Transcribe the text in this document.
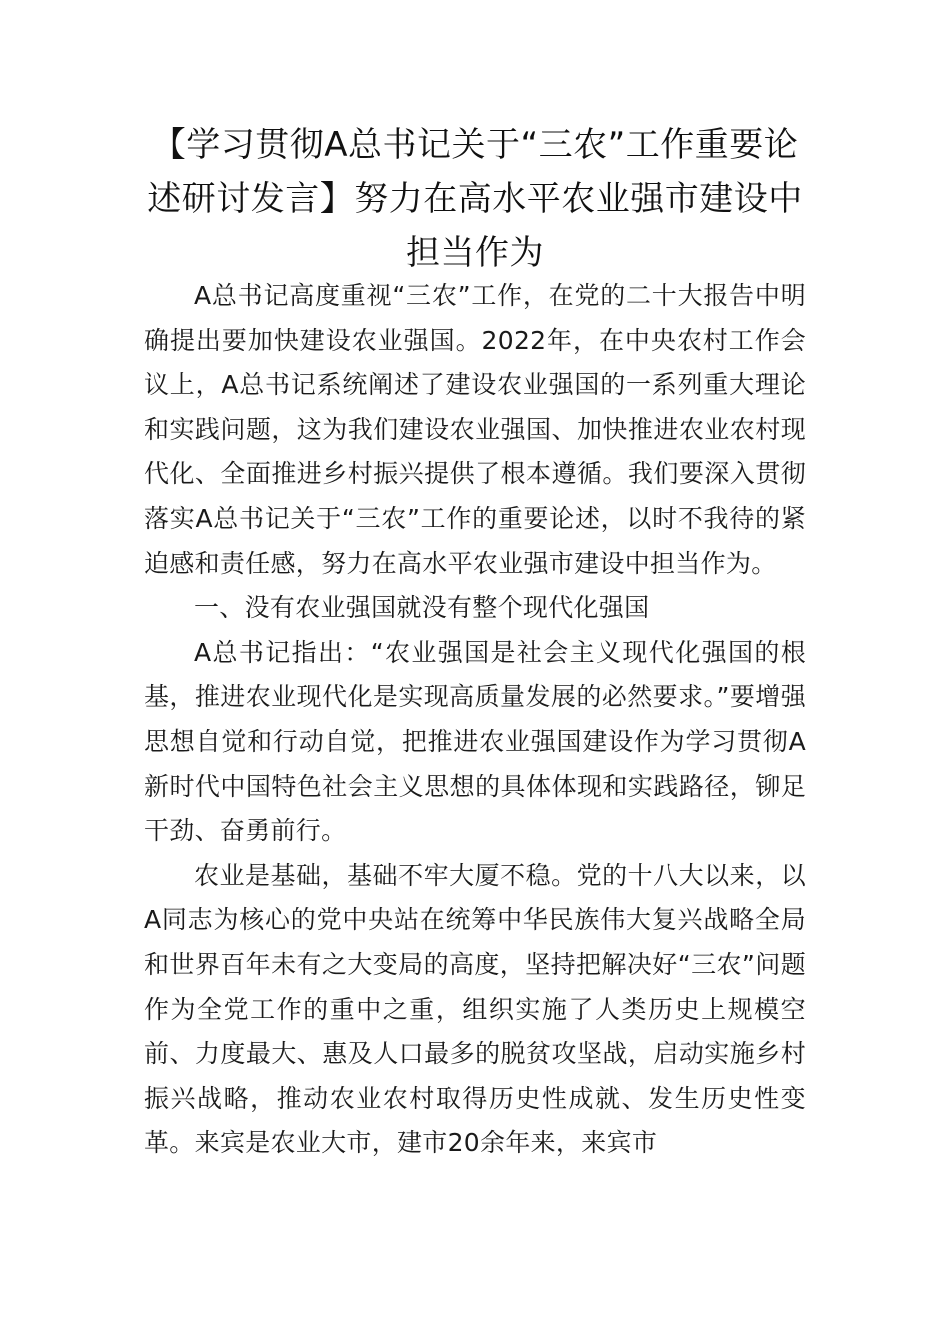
【学习贯彻A总书记关于“三农”工作重要论述研讨发言】努力在高水平农业强市建设中担当作为

A总书记高度重视“三农”工作，在党的二十大报告中明确提出要加快建设农业强国。2022年，在中央农村工作会议上，A总书记系统阐述了建设农业强国的一系列重大理论和实践问题，这为我们建设农业强国、加快推进农业农村现代化、全面推进乡村振兴提供了根本遵循。我们要深入贯彻落实A总书记关于“三农”工作的重要论述，以时不我待的紧迫感和责任感，努力在高水平农业强市建设中担当作为。

一、没有农业强国就没有整个现代化强国

A总书记指出：“农业强国是社会主义现代化强国的根基，推进农业现代化是实现高质量发展的必然要求。”要增强思想自觉和行动自觉，把推进农业强国建设作为学习贯彻A新时代中国特色社会主义思想的具体体现和实践路径，铆足干劲、奋勇前行。

农业是基础，基础不牢大厦不稳。党的十八大以来，以A同志为核心的党中央站在统筹中华民族伟大复兴战略全局和世界百年未有之大变局的高度，坚持把解决好“三农”问题作为全党工作的重中之重，组织实施了人类历史上规模空前、力度最大、惠及人口最多的脱贫攻坚战，启动实施乡村振兴战略，推动农业农村取得历史性成就、发生历史性变革。来宾是农业大市，建市20余年来，来宾市
